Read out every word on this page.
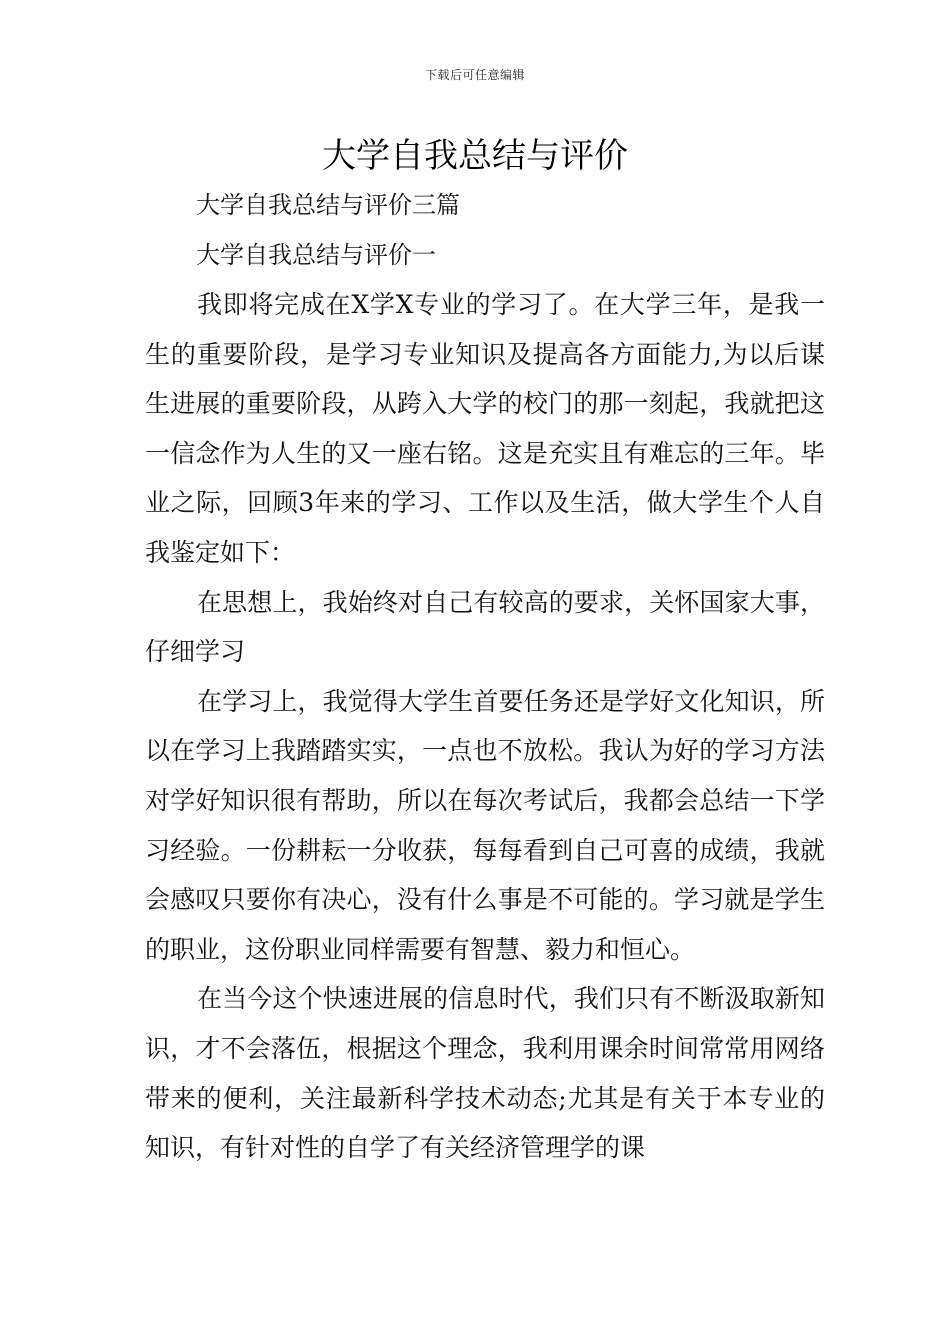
下载后可任意编辑
大学自我总结与评价
大学自我总结与评价三篇
大学自我总结与评价一

我即将完成在X学X专业的学习了。在大学三年，是我一生的重要阶段，是学习专业知识及提高各方面能力,为以后谋生进展的重要阶段，从跨入大学的校门的那一刻起，我就把这一信念作为人生的又一座右铭。这是充实且有难忘的三年。毕业之际，回顾3年来的学习、工作以及生活，做大学生个人自我鉴定如下：

在思想上，我始终对自己有较高的要求，关怀国家大事，仔细学习

在学习上，我觉得大学生首要任务还是学好文化知识，所以在学习上我踏踏实实，一点也不放松。我认为好的学习方法对学好知识很有帮助，所以在每次考试后，我都会总结一下学习经验。一份耕耘一分收获，每每看到自己可喜的成绩，我就会感叹只要你有决心，没有什么事是不可能的。学习就是学生的职业，这份职业同样需要有智慧、毅力和恒心。

在当今这个快速进展的信息时代，我们只有不断汲取新知识，才不会落伍，根据这个理念，我利用课余时间常常用网络带来的便利，关注最新科学技术动态;尤其是有关于本专业的知识，有针对性的自学了有关经济管理学的课
